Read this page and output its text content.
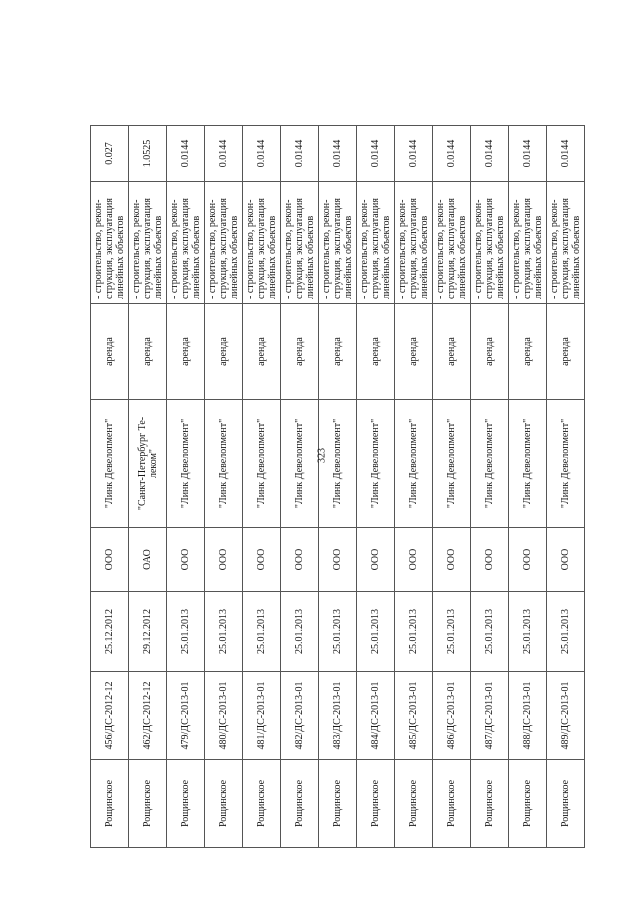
Рощинское	456/ДС-2012-12	25.12.2012	ООО	"Линк Девелопмент"	аренда	- строительство, рекон-струкция, эксплуатация линейных объектов	0.027
Рощинское	462/ДС-2012-12	29.12.2012	ОАО	"Санкт-Петербург Те-леком"	аренда	- строительство, рекон-струкция, эксплуатация линейных объектов	1.0525
Рощинское	479/ДС-2013-01	25.01.2013	ООО	"Линк Девелопмент"	аренда	- строительство, рекон-струкция, эксплуатация линейных объектов	0.0144
Рощинское	480/ДС-2013-01	25.01.2013	ООО	"Линк Девелопмент"	аренда	- строительство, рекон-струкция, эксплуатация линейных объектов	0.0144
Рощинское	481/ДС-2013-01	25.01.2013	ООО	"Линк Девелопмент"	аренда	- строительство, рекон-струкция, эксплуатация линейных объектов	0.0144
Рощинское	482/ДС-2013-01	25.01.2013	ООО	"Линк Девелопмент"	аренда	- строительство, рекон-струкция, эксплуатация линейных объектов	0.0144
Рощинское	483/ДС-2013-01	25.01.2013	ООО	"Линк Девелопмент"	аренда	- строительство, рекон-струкция, эксплуатация линейных объектов	0.0144
Рощинское	484/ДС-2013-01	25.01.2013	ООО	"Линк Девелопмент"	аренда	- строительство, рекон-струкция, эксплуатация линейных объектов	0.0144
Рощинское	485/ДС-2013-01	25.01.2013	ООО	"Линк Девелопмент"	аренда	- строительство, рекон-струкция, эксплуатация линейных объектов	0.0144
Рощинское	486/ДС-2013-01	25.01.2013	ООО	"Линк Девелопмент"	аренда	- строительство, рекон-струкция, эксплуатация линейных объектов	0.0144
Рощинское	487/ДС-2013-01	25.01.2013	ООО	"Линк Девелопмент"	аренда	- строительство, рекон-струкция, эксплуатация линейных объектов	0.0144
Рощинское	488/ДС-2013-01	25.01.2013	ООО	"Линк Девелопмент"	аренда	- строительство, рекон-струкция, эксплуатация линейных объектов	0.0144
Рощинское	489/ДС-2013-01	25.01.2013	ООО	"Линк Девелопмент"	аренда	- строительство, рекон-струкция, эксплуатация линейных объектов	0.0144
323
